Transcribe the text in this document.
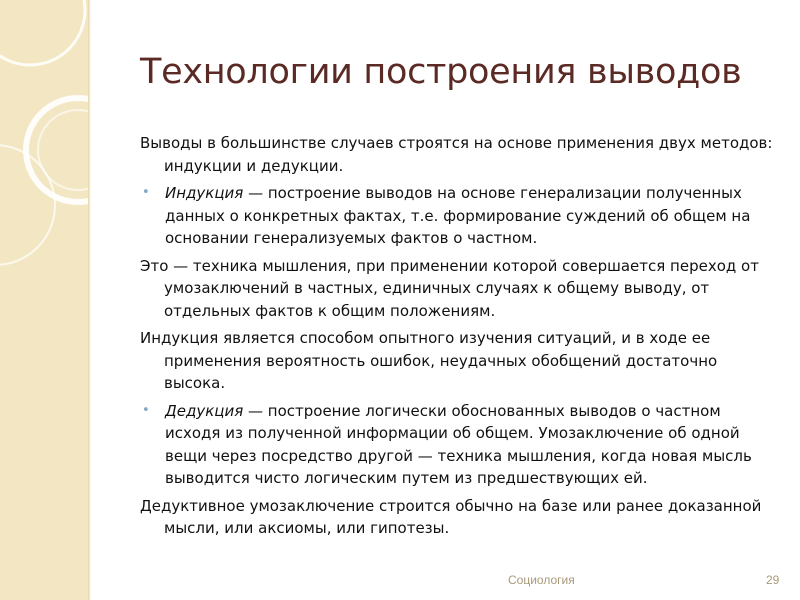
Технологии построения выводов
Выводы в большинстве случаев строятся на основе применения двух методов: индукции и дедукции.
• Индукция — построение выводов на основе генерализации полученных данных о конкретных фактах, т.е. формирование суждений об общем на основании генерализуемых фактов о частном.
Это — техника мышления, при применении которой совершается переход от умозаключений в частных, единичных случаях к общему выводу, от отдельных фактов к общим положениям.
Индукция является способом опытного изучения ситуаций, и в ходе ее применения вероятность ошибок, неудачных обобщений достаточно высока.
• Дедукция — построение логически обоснованных выводов о частном исходя из полученной информации об общем. Умозаключение об одной вещи через посредство другой — техника мышления, когда новая мысль выводится чисто логическим путем из предшествующих ей.
Дедуктивное умозаключение строится обычно на базе или ранее доказанной мысли, или аксиомы, или гипотезы.
Социология	29
